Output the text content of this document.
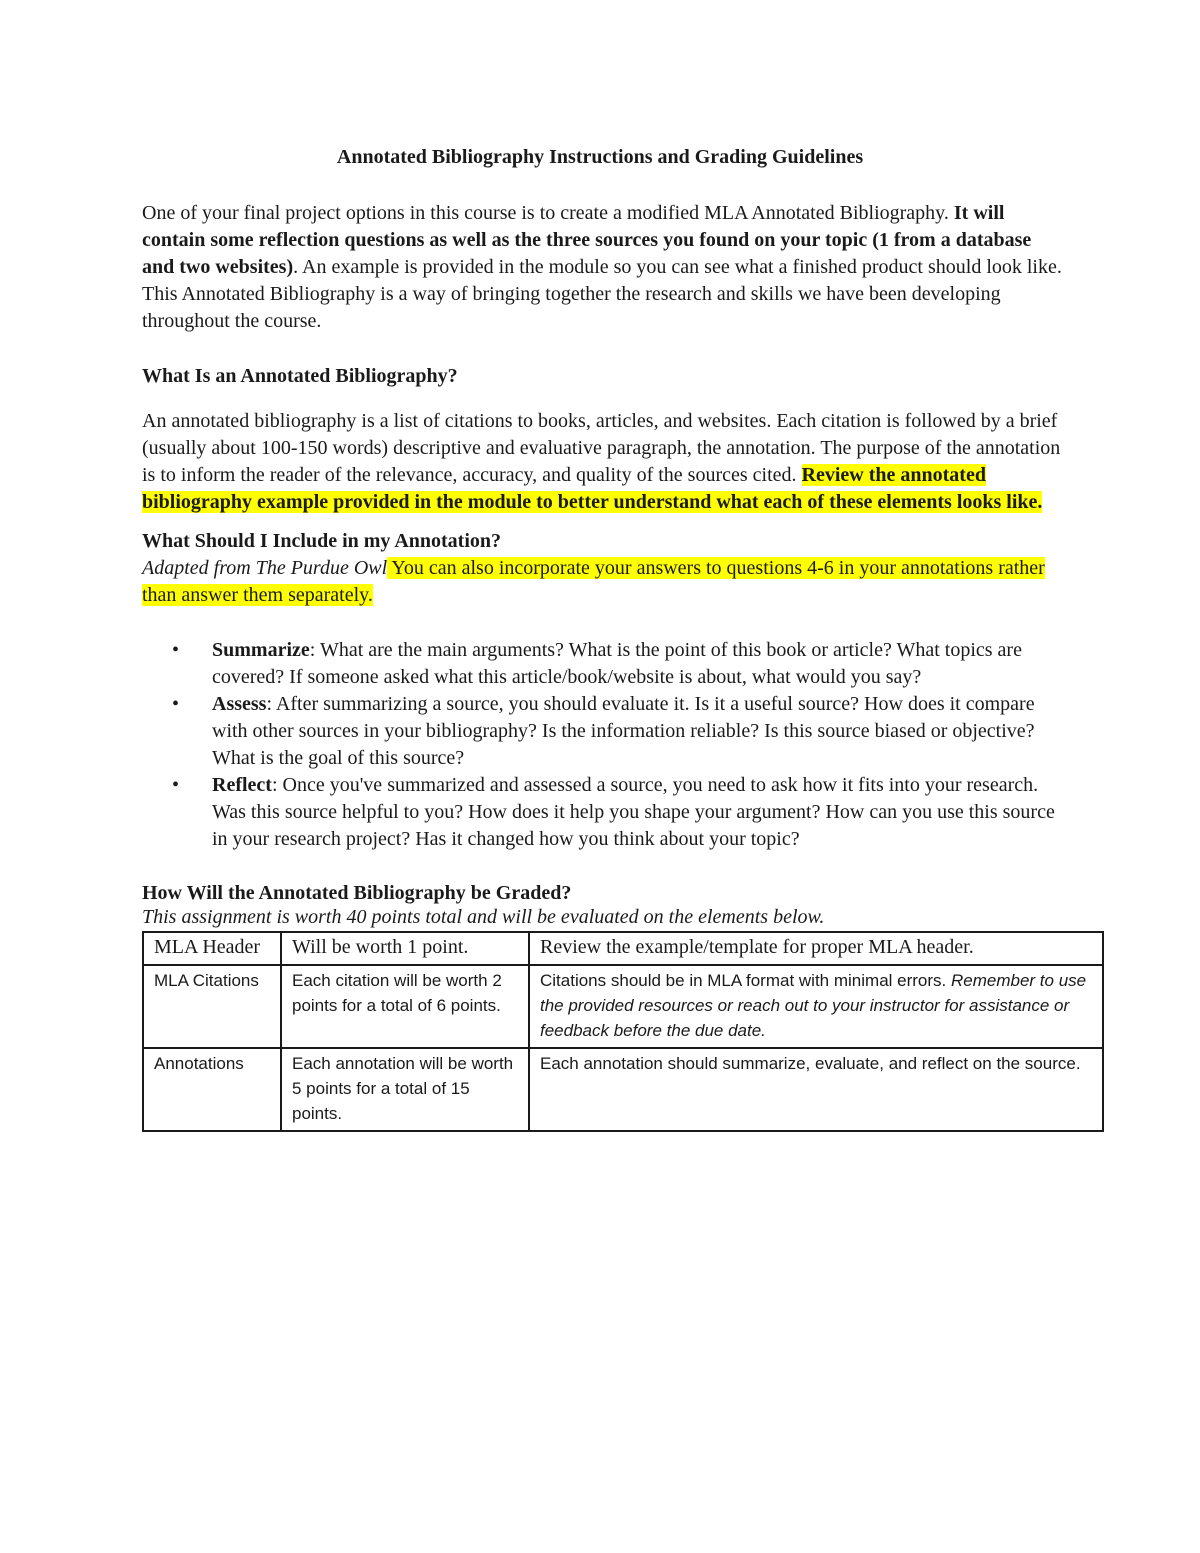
Annotated Bibliography Instructions and Grading Guidelines

One of your final project options in this course is to create a modified MLA Annotated Bibliography. It will contain some reflection questions as well as the three sources you found on your topic (1 from a database and two websites). An example is provided in the module so you can see what a finished product should look like. This Annotated Bibliography is a way of bringing together the research and skills we have been developing throughout the course.

What Is an Annotated Bibliography?

An annotated bibliography is a list of citations to books, articles, and websites. Each citation is followed by a brief (usually about 100-150 words) descriptive and evaluative paragraph, the annotation. The purpose of the annotation is to inform the reader of the relevance, accuracy, and quality of the sources cited. Review the annotated bibliography example provided in the module to better understand what each of these elements looks like.

What Should I Include in my Annotation?

Adapted from The Purdue Owl You can also incorporate your answers to questions 4-6 in your annotations rather than answer them separately.

• Summarize: What are the main arguments? What is the point of this book or article? What topics are covered? If someone asked what this article/book/website is about, what would you say?
• Assess: After summarizing a source, you should evaluate it. Is it a useful source? How does it compare with other sources in your bibliography? Is the information reliable? Is this source biased or objective? What is the goal of this source?
• Reflect: Once you've summarized and assessed a source, you need to ask how it fits into your research. Was this source helpful to you? How does it help you shape your argument? How can you use this source in your research project? Has it changed how you think about your topic?
How Will the Annotated Bibliography be Graded?
This assignment is worth 40 points total and will be evaluated on the elements below.
MLA Header	Will be worth 1 point.	Review the example/template for proper MLA header.
MLA Citations	Each citation will be worth 2 points for a total of 6 points.	Citations should be in MLA format with minimal errors. Remember to use the provided resources or reach out to your instructor for assistance or feedback before the due date.
Annotations	Each annotation will be worth 5 points for a total of 15 points.	Each annotation should summarize, evaluate, and reflect on the source.
